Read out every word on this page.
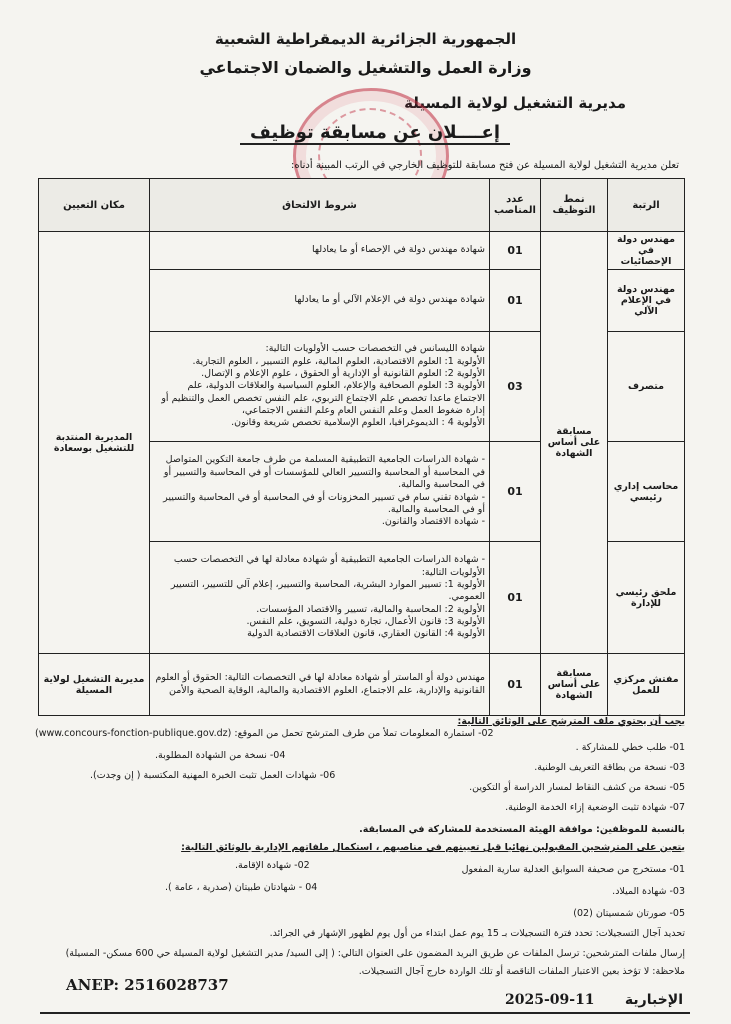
الجمهورية الجزائرية الديمقراطية الشعبية
وزارة العمل والتشغيل والضمان الاجتماعي
مديرية التشغيل لولاية المسيلة
إعــــلان عن مسابقة توظيف
تعلن مديرية التشغيل لولاية المسيلة عن فتح مسابقة للتوظيف الخارجي في الرتب المبينة أدناه:
الرتبة	نمط التوظيف	عدد المناصب	شروط الالتحاق	مكان التعيين
مهندس دولة في الإحصائيات	مسابقة على أساس الشهادة	01	شهادة مهندس دولة في الإحصاء أو ما يعادلها	المديرية المنتدبة للتشغيل بوسعادة
مهندس دولة في الإعلام الآلي		01	شهادة مهندس دولة في الإعلام الآلي أو ما يعادلها	

متصرف		03	شهادة الليسانس في التخصصات حسب الأولويات التالية:
الأولوية 1: العلوم الاقتصادية، العلوم المالية، علوم التسيير ، العلوم التجارية.
الأولوية 2: العلوم القانونية أو الإدارية أو الحقوق ، علوم الإعلام و الإتصال.
الأولوية 3: العلوم الصحافية والإعلام، العلوم السياسية والعلاقات الدولية، علم الاجتماع ماعدا تخصص علم الاجتماع التربوي، علم النفس تخصص العمل والتنظيم أو إدارة ضغوط العمل وعلم النفس العام وعلم النفس الاجتماعي،
الأولوية 4 : الديموغرافيا، العلوم الإسلامية تخصص شريعة وقانون.	

محاسب إداري رئيسي		01	- شهادة الدراسات الجامعية التطبيقية المسلمة من طرف جامعة التكوين المتواصل في المحاسبة أو المحاسبة والتسيير العالي للمؤسسات أو في المحاسبة والتسيير أو في المحاسبة والمالية.
- شهادة تقني سام في تسيير المخزونات أو في المحاسبة أو في المحاسبة والتسيير أو في المحاسبة والمالية.
- شهادة الاقتصاد والقانون.	

ملحق رئيسي للإدارة		01	- شهادة الدراسات الجامعية التطبيقية أو شهادة معادلة لها في التخصصات حسب الأولويات التالية:
الأولوية 1: تسيير الموارد البشرية، المحاسبة والتسيير، إعلام آلي للتسيير، التسيير العمومي.
الأولوية 2: المحاسبة والمالية، تسيير والاقتصاد المؤسسات.
الأولوية 3: قانون الأعمال، تجارة دولية، التسويق، علم النفس.
الأولوية 4: القانون العقاري، قانون العلاقات الاقتصادية الدولية	

مفتش مركزي للعمل	مسابقة على أساس الشهادة	01	مهندس دولة أو الماستر أو شهادة معادلة لها في التخصصات التالية: الحقوق أو العلوم القانونية والإدارية، علم الاجتماع، العلوم الاقتصادية والمالية، الوقاية الصحية والأمن	مديرية التشغيل لولاية المسيلة
يجب أن يحتوي ملف المترشح على الوثائق التالية:
01- طلب خطي للمشاركة .
03- نسخة من بطاقة التعريف الوطنية.
05- نسخة من كشف النقاط لمسار الدراسة أو التكوين.
07- شهادة تثبت الوضعية إزاء الخدمة الوطنية.
02- استمارة المعلومات تملأ من طرف المترشح تحمل من الموقع: (www.concours-fonction-publique.gov.dz)
04- نسخة من الشهادة المطلوبة.
06- شهادات العمل تثبت الخبرة المهنية المكتسبة ( إن وجدت).
بالنسبة للموظفين: موافقة الهيئة المستخدمة للمشاركة في المسابقة.
يتعين على المترشحين المقبولين نهائيا قبل تعيينهم في مناصبهم ، استكمال ملفاتهم الإدارية بالوثائق التالية:
01- مستخرج من صحيفة السوابق العدلية سارية المفعول
03- شهادة الميلاد.
05- صورتان شمسيتان (02)
02- شهادة الإقامة.
04 - شهادتان طبيتان (صدرية ، عامة ).
تحديد آجال التسجيلات: تحدد فترة التسجيلات بـ 15 يوم عمل ابتداء من أول يوم لظهور الإشهار في الجرائد.
إرسال ملفات المترشحين: ترسل الملفات عن طريق البريد المضمون على العنوان التالي: ( إلى السيد/ مدير التشغيل لولاية المسيلة حي 600 مسكن- المسيلة)
ملاحظة: لا تؤخذ بعين الاعتبار الملفات الناقصة أو تلك الواردة خارج آجال التسجيلات.
ANEP: 2516028737
2025-09-11 الإخبارية
